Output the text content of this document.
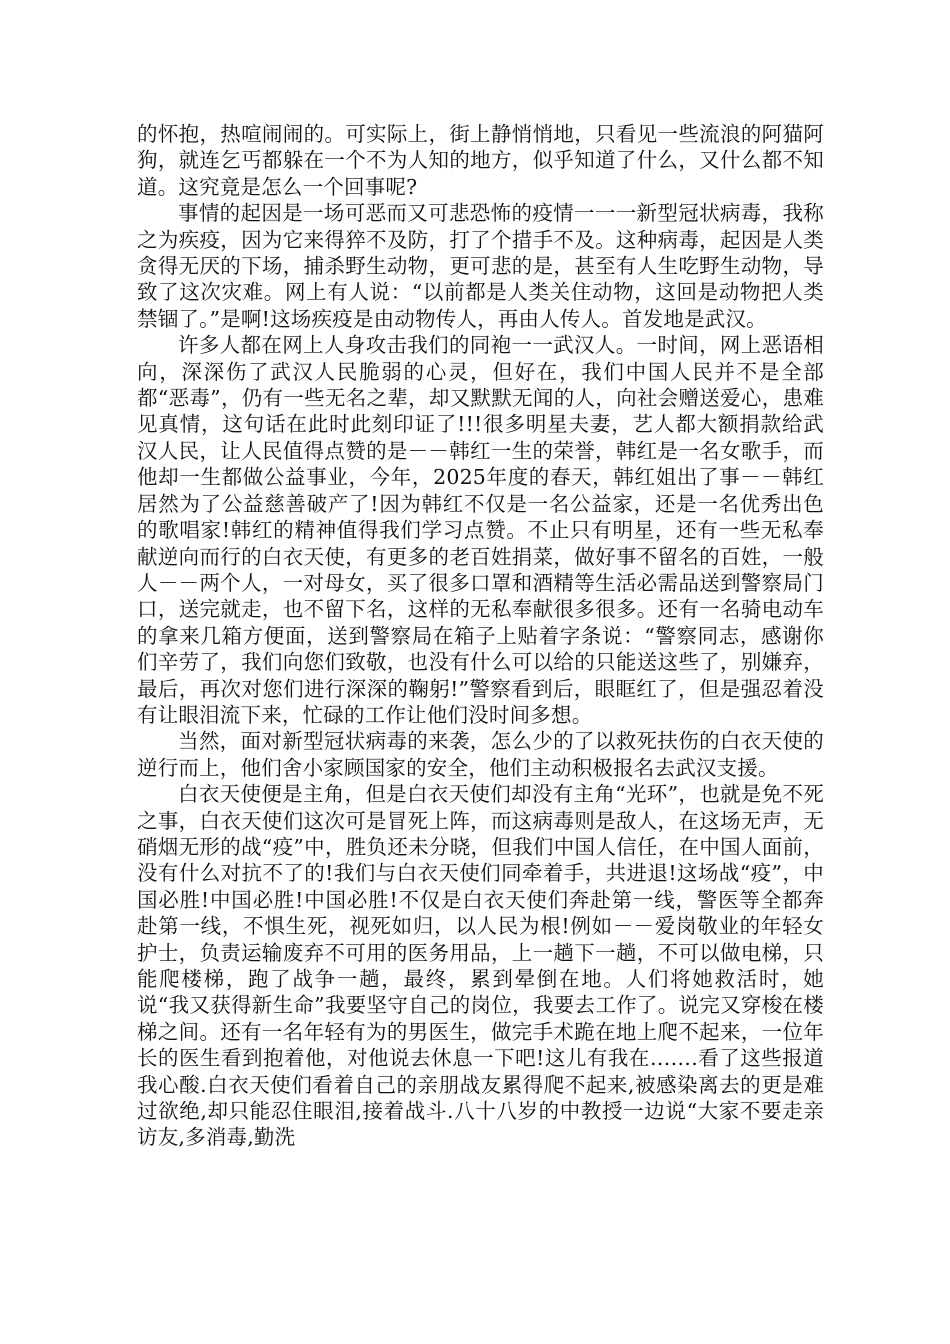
的怀抱，热喧闹闹的。可实际上，街上静悄悄地，只看见一些流浪的阿猫阿狗，就连乞丐都躲在一个不为人知的地方，似乎知道了什么，又什么都不知道。这究竟是怎么一个回事呢?

事情的起因是一场可恶而又可悲恐怖的疫情一一一新型冠状病毒，我称之为疾疫，因为它来得猝不及防，打了个措手不及。这种病毒，起因是人类贪得无厌的下场，捕杀野生动物，更可悲的是，甚至有人生吃野生动物，导致了这次灾难。网上有人说：“以前都是人类关住动物，这回是动物把人类禁锢了。”是啊!这场疾疫是由动物传人，再由人传人。首发地是武汉。

许多人都在网上人身攻击我们的同袍一一武汉人。一时间，网上恶语相向，深深伤了武汉人民脆弱的心灵，但好在，我们中国人民并不是全部都“恶毒”，仍有一些无名之辈，却又默默无闻的人，向社会赠送爱心，患难见真情，这句话在此时此刻印证了!!!很多明星夫妻，艺人都大额捐款给武汉人民，让人民值得点赞的是－－韩红一生的荣誉，韩红是一名女歌手，而他却一生都做公益事业，今年，2025年度的春天，韩红姐出了事－－韩红居然为了公益慈善破产了!因为韩红不仅是一名公益家，还是一名优秀出色的歌唱家!韩红的精神值得我们学习点赞。不止只有明星，还有一些无私奉献逆向而行的白衣天使，有更多的老百姓捐菜，做好事不留名的百姓，一般人－－两个人，一对母女，买了很多口罩和酒精等生活必需品送到警察局门口，送完就走，也不留下名，这样的无私奉献很多很多。还有一名骑电动车的拿来几箱方便面，送到警察局在箱子上贴着字条说：“警察同志，感谢你们辛劳了，我们向您们致敬，也没有什么可以给的只能送这些了，别嫌弃，最后，再次对您们进行深深的鞠躬!”警察看到后，眼眶红了，但是强忍着没有让眼泪流下来，忙碌的工作让他们没时间多想。

当然，面对新型冠状病毒的来袭，怎么少的了以救死扶伤的白衣天使的逆行而上，他们舍小家顾国家的安全，他们主动积极报名去武汉支援。

白衣天使便是主角，但是白衣天使们却没有主角“光环”，也就是免不死之事，白衣天使们这次可是冒死上阵，而这病毒则是敌人，在这场无声，无硝烟无形的战“疫”中，胜负还未分晓，但我们中国人信任，在中国人面前，没有什么对抗不了的!我们与白衣天使们同牵着手，共进退!这场战“疫”，中国必胜!中国必胜!中国必胜!不仅是白衣天使们奔赴第一线，警医等全都奔赴第一线，不惧生死，视死如归，以人民为根!例如－－爱岗敬业的年轻女护士，负责运输废弃不可用的医务用品，上一趟下一趟，不可以做电梯，只能爬楼梯，跑了战争一趟，最终，累到晕倒在地。人们将她救活时，她说“我又获得新生命”我要坚守自己的岗位，我要去工作了。说完又穿梭在楼梯之间。还有一名年轻有为的男医生，做完手术跪在地上爬不起来，一位年长的医生看到抱着他，对他说去休息一下吧!这儿有我在…….看了这些报道我心酸.白衣天使们看着自己的亲朋战友累得爬不起来,被感染离去的更是难过欲绝,却只能忍住眼泪,接着战斗.八十八岁的中教授一边说“大家不要走亲访友,多消毒,勤洗
